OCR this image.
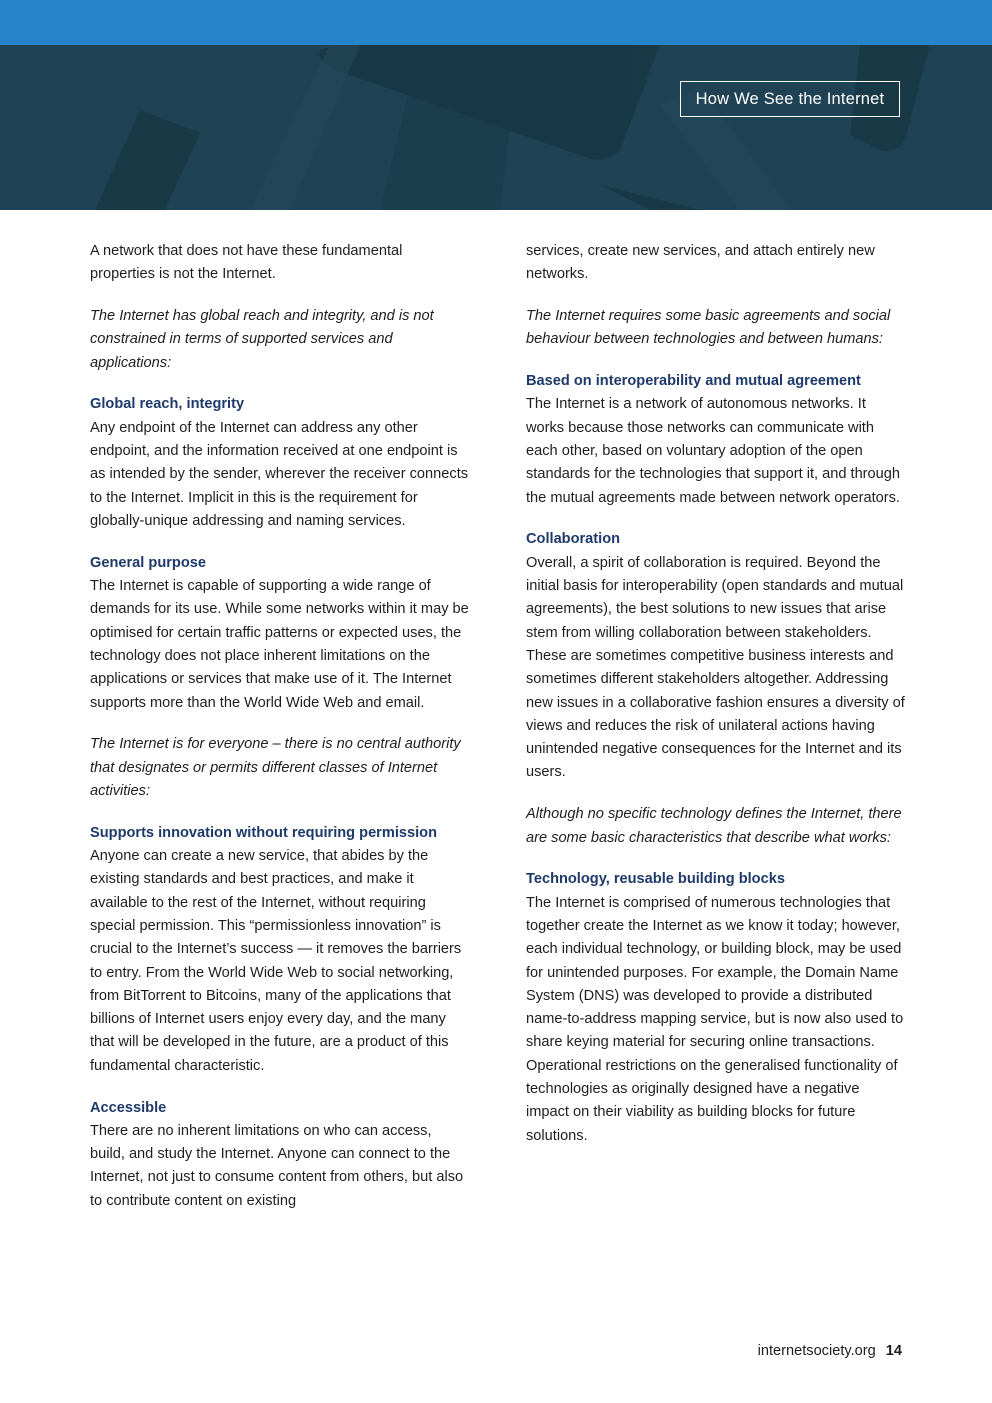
How We See the Internet

A network that does not have these fundamental properties is not the Internet.

The Internet has global reach and integrity, and is not constrained in terms of supported services and applications:

Global reach, integrity
Any endpoint of the Internet can address any other endpoint, and the information received at one endpoint is as intended by the sender, wherever the receiver connects to the Internet. Implicit in this is the requirement for globally-unique addressing and naming services.

General purpose
The Internet is capable of supporting a wide range of demands for its use. While some networks within it may be optimised for certain traffic patterns or expected uses, the technology does not place inherent limitations on the applications or services that make use of it. The Internet supports more than the World Wide Web and email.

The Internet is for everyone – there is no central authority that designates or permits different classes of Internet activities:

Supports innovation without requiring permission
Anyone can create a new service, that abides by the existing standards and best practices, and make it available to the rest of the Internet, without requiring special permission. This “permissionless innovation” is crucial to the Internet’s success — it removes the barriers to entry. From the World Wide Web to social networking, from BitTorrent to Bitcoins, many of the applications that billions of Internet users enjoy every day, and the many that will be developed in the future, are a product of this fundamental characteristic.

Accessible
There are no inherent limitations on who can access, build, and study the Internet. Anyone can connect to the Internet, not just to consume content from others, but also to contribute content on existing

services, create new services, and attach entirely new networks.

The Internet requires some basic agreements and social behaviour between technologies and between humans:

Based on interoperability and mutual agreement
The Internet is a network of autonomous networks. It works because those networks can communicate with each other, based on voluntary adoption of the open standards for the technologies that support it, and through the mutual agreements made between network operators.

Collaboration
Overall, a spirit of collaboration is required. Beyond the initial basis for interoperability (open standards and mutual agreements), the best solutions to new issues that arise stem from willing collaboration between stakeholders. These are sometimes competitive business interests and sometimes different stakeholders altogether. Addressing new issues in a collaborative fashion ensures a diversity of views and reduces the risk of unilateral actions having unintended negative consequences for the Internet and its users.

Although no specific technology defines the Internet, there are some basic characteristics that describe what works:

Technology, reusable building blocks
The Internet is comprised of numerous technologies that together create the Internet as we know it today; however, each individual technology, or building block, may be used for unintended purposes. For example, the Domain Name System (DNS) was developed to provide a distributed name-to-address mapping service, but is now also used to share keying material for securing online transactions. Operational restrictions on the generalised functionality of technologies as originally designed have a negative impact on their viability as building blocks for future solutions.

internetsociety.org 14
